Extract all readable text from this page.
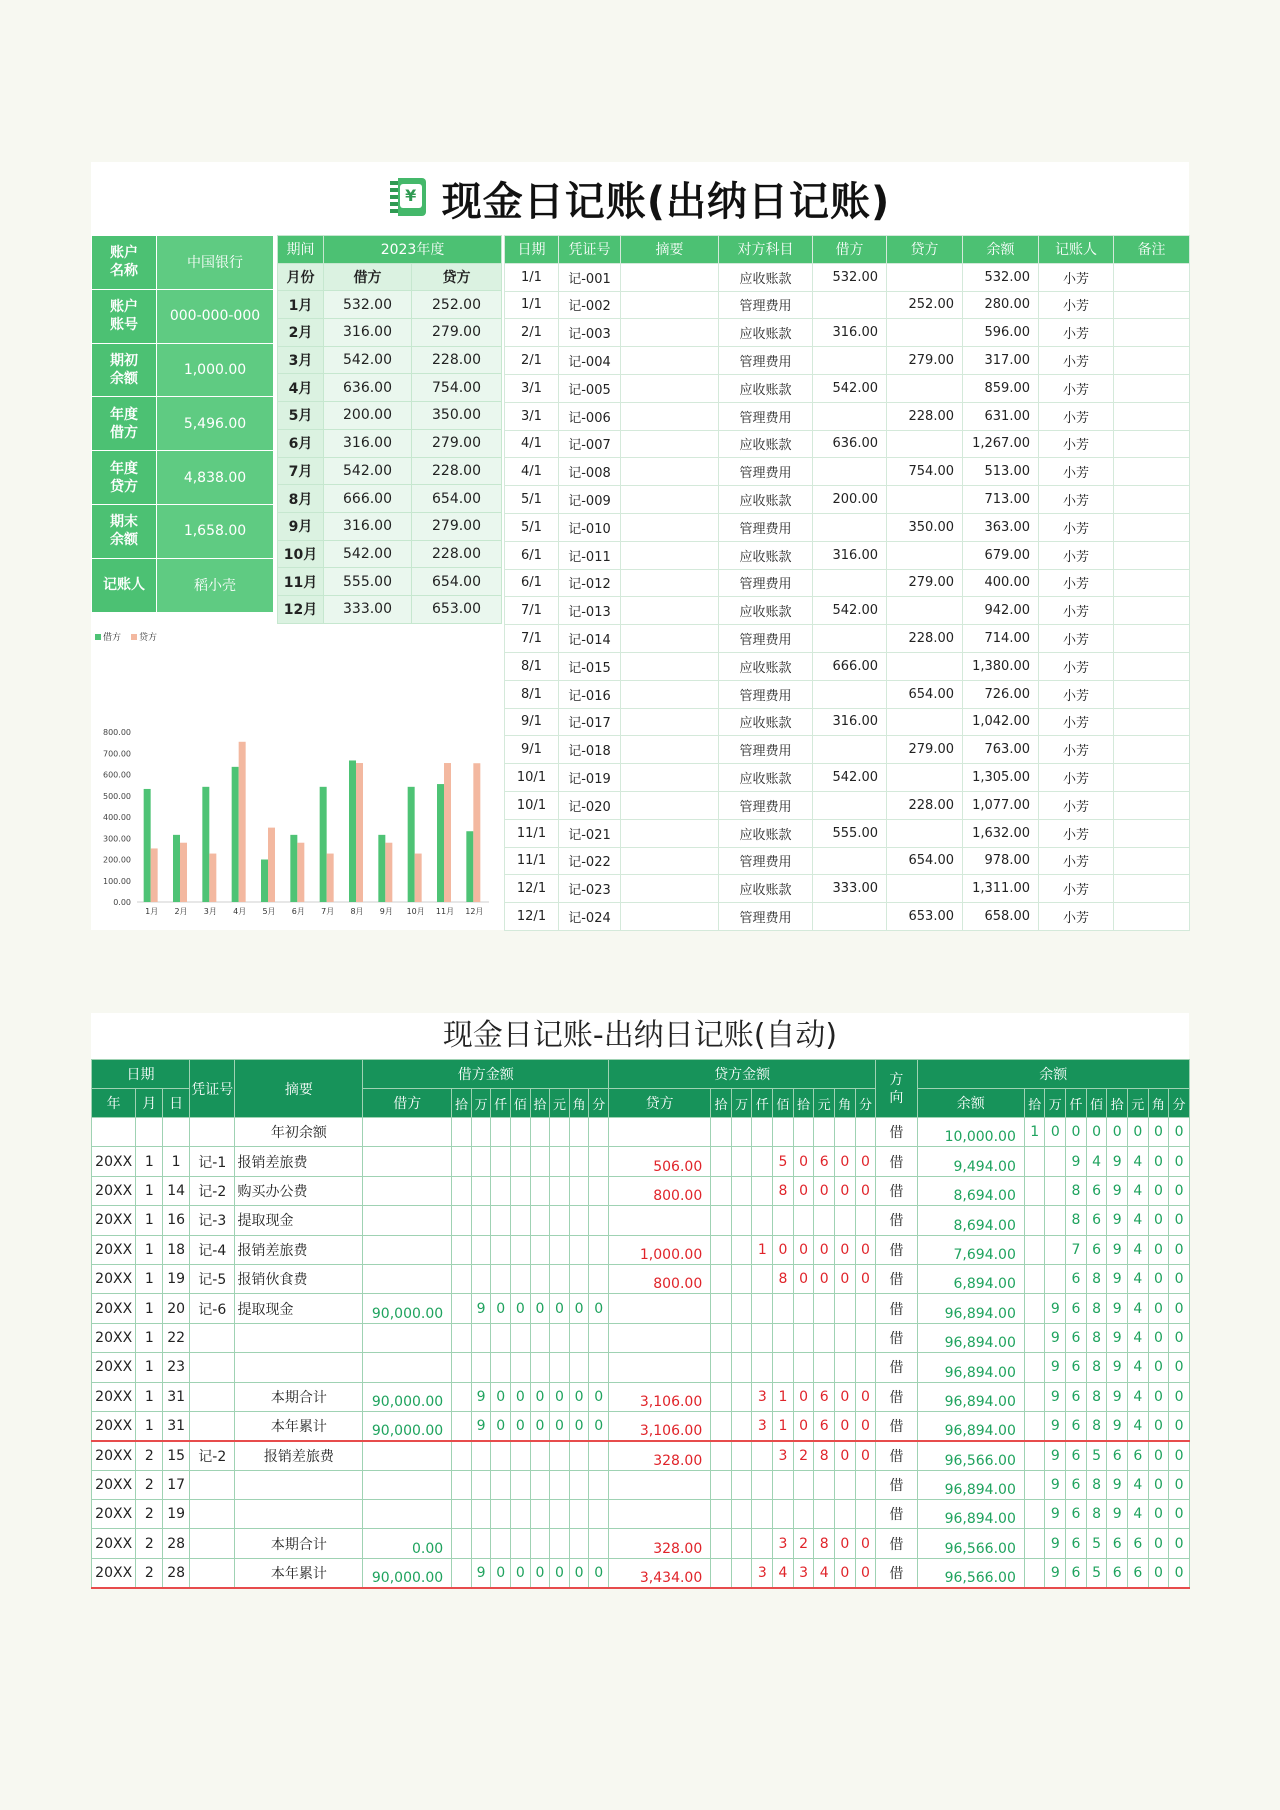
¥ 现金日记账(出纳日记账)
账户
名称	中国银行
账户
账号	000-000-000
期初
余额	1,000.00
年度
借方	5,496.00
年度
贷方	4,838.00
期末
余额	1,658.00
记账人	稻小壳
期间	2023年度	
月份	借方	贷方
1月	532.00	252.00
2月	316.00	279.00
3月	542.00	228.00
4月	636.00	754.00
5月	200.00	350.00
6月	316.00	279.00
7月	542.00	228.00
8月	666.00	654.00
9月	316.00	279.00
10月	542.00	228.00
11月	555.00	654.00
12月	333.00	653.00
日期	凭证号	摘要	对方科目	借方	贷方	余额	记账人	备注
1/1	记-001		应收账款	532.00		532.00	小芳	
1/1	记-002		管理费用		252.00	280.00	小芳	
2/1	记-003		应收账款	316.00		596.00	小芳	
2/1	记-004		管理费用		279.00	317.00	小芳	
3/1	记-005		应收账款	542.00		859.00	小芳	
3/1	记-006		管理费用		228.00	631.00	小芳	
4/1	记-007		应收账款	636.00		1,267.00	小芳	
4/1	记-008		管理费用		754.00	513.00	小芳	
5/1	记-009		应收账款	200.00		713.00	小芳	
5/1	记-010		管理费用		350.00	363.00	小芳	
6/1	记-011		应收账款	316.00		679.00	小芳	
6/1	记-012		管理费用		279.00	400.00	小芳	
7/1	记-013		应收账款	542.00		942.00	小芳	
7/1	记-014		管理费用		228.00	714.00	小芳	
8/1	记-015		应收账款	666.00		1,380.00	小芳	
8/1	记-016		管理费用		654.00	726.00	小芳	
9/1	记-017		应收账款	316.00		1,042.00	小芳	
9/1	记-018		管理费用		279.00	763.00	小芳	
10/1	记-019		应收账款	542.00		1,305.00	小芳	
10/1	记-020		管理费用		228.00	1,077.00	小芳	
11/1	记-021		应收账款	555.00		1,632.00	小芳	
11/1	记-022		管理费用		654.00	978.00	小芳	
12/1	记-023		应收账款	333.00		1,311.00	小芳	
12/1	记-024		管理费用		653.00	658.00	小芳	
借方 贷方
0.00
100.00
200.00
300.00
400.00
500.00
600.00
700.00
800.00
1月 2月 3月 4月 5月 6月 7月 8月 9月 10月 11月 12月
现金日记账-出纳日记账(自动)
日期			凭证号	摘要	借方金额									贷方金额									方
向	余额								
年	月	日			借方	拾	万	仟	佰	拾	元	角	分	贷方	拾	万	仟	佰	拾	元	角	分		余额	拾	万	仟	佰	拾	元	角	分
				年初余额																			借	10,000.00	1	0	0	0	0	0	0	0
20XX	1	1	记-1	报销差旅费										506.00				5	0	6	0	0	借	9,494.00			9	4	9	4	0	0
20XX	1	14	记-2	购买办公费										800.00				8	0	0	0	0	借	8,694.00			8	6	9	4	0	0
20XX	1	16	记-3	提取现金																			借	8,694.00			8	6	9	4	0	0
20XX	1	18	记-4	报销差旅费										1,000.00			1	0	0	0	0	0	借	7,694.00			7	6	9	4	0	0
20XX	1	19	记-5	报销伙食费										800.00				8	0	0	0	0	借	6,894.00			6	8	9	4	0	0
20XX	1	20	记-6	提取现金	90,000.00		9	0	0	0	0	0	0										借	96,894.00		9	6	8	9	4	0	0
20XX	1	22																					借	96,894.00		9	6	8	9	4	0	0
20XX	1	23																					借	96,894.00		9	6	8	9	4	0	0
20XX	1	31		本期合计	90,000.00		9	0	0	0	0	0	0	3,106.00			3	1	0	6	0	0	借	96,894.00		9	6	8	9	4	0	0
20XX	1	31		本年累计	90,000.00		9	0	0	0	0	0	0	3,106.00			3	1	0	6	0	0	借	96,894.00		9	6	8	9	4	0	0
20XX	2	15	记-2	报销差旅费										328.00				3	2	8	0	0	借	96,566.00		9	6	5	6	6	0	0
20XX	2	17																					借	96,894.00		9	6	8	9	4	0	0
20XX	2	19																					借	96,894.00		9	6	8	9	4	0	0
20XX	2	28		本期合计	0.00									328.00				3	2	8	0	0	借	96,566.00		9	6	5	6	6	0	0
20XX	2	28		本年累计	90,000.00		9	0	0	0	0	0	0	3,434.00			3	4	3	4	0	0	借	96,566.00		9	6	5	6	6	0	0
